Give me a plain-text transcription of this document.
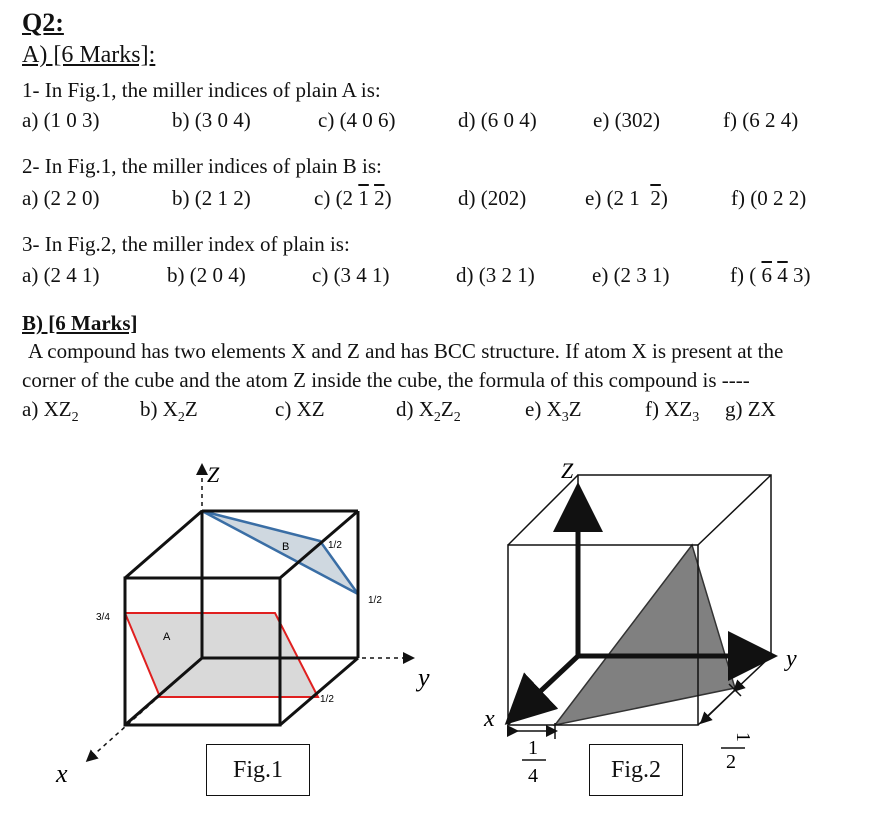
Q2:
A) [6 Marks]:
1- In Fig.1, the miller indices of plain A is:
a) (1 0 3)	b) (3 0 4)	c) (4 0 6)	d) (6 0 4)	e) (302)	f) (6 2 4)
2- In Fig.1, the miller indices of plain B is:
a) (2 2 0)	b) (2 1 2)	c) (2 1 2)	d) (202)	e) (2 1  2)	f) (0 2 2)
3- In Fig.2, the miller index of plain is:
a) (2 4 1)	b) (2 0 4)	c) (3 4 1)	d) (3 2 1)	e) (2 3 1)	f) ( 6 4 3)
B) [6 Marks]
A compound has two elements X and Z and has BCC structure. If atom X is present at the
corner of the cube and the atom Z inside the cube, the formula of this compound is ----
a) $XZ_2$	b) $X_2Z$	c) XZ	d) $X_2Z_2$	e) $X_3Z$	f) $XZ_3$ g) ZX
Z
y
x
A
B	1/2
1/2
1/2
3/4
Z
y
x
1
4
1
2
Fig.1	Fig.2
